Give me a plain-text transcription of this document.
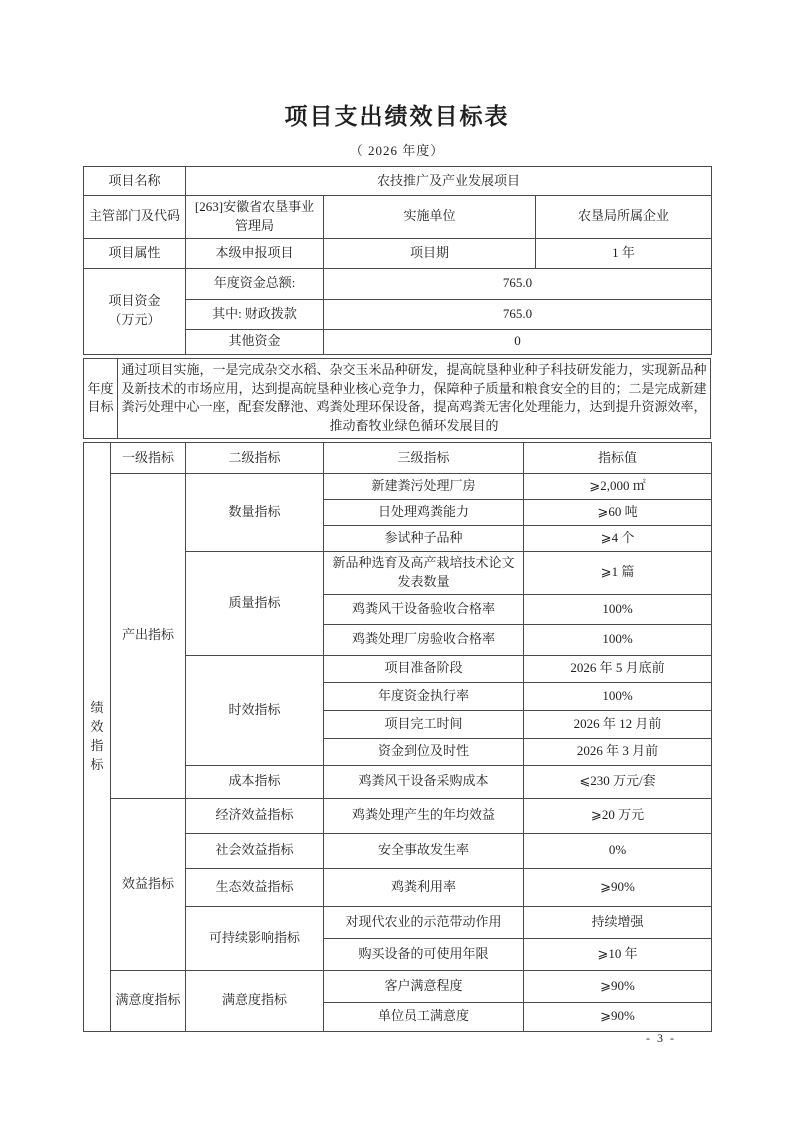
项目支出绩效目标表
（ 2026 年度）
项目名称	农技推广及产业发展项目		
主管部门及代码	[263]安徽省农垦事业管理局	实施单位	农垦局所属企业
项目属性	本级申报项目	项目期	1 年
项目资金（万元）	年度资金总额:	765.0	
	其中: 财政拨款	765.0	
	其他资金	0	
年度目标	通过项目实施，一是完成杂交水稻、杂交玉米品种研发，提高皖垦种业种子科技研发能力，实现新品种及新技术的市场应用，达到提高皖垦种业核心竞争力，保障种子质量和粮食安全的目的；二是完成新建粪污处理中心一座，配套发酵池、鸡粪处理环保设备，提高鸡粪无害化处理能力，达到提升资源效率，推动畜牧业绿色循环发展目的
绩效指标	一级指标	二级指标	三级指标	指标值
	产出指标	数量指标	新建粪污处理厂房	⩾2,000 ㎡
			日处理鸡粪能力	⩾60 吨
			参试种子品种	⩾4 个
		质量指标	新品种选育及高产栽培技术论文发表数量	⩾1 篇
			鸡粪风干设备验收合格率	100%
			鸡粪处理厂房验收合格率	100%
		时效指标	项目准备阶段	2026 年 5 月底前
			年度资金执行率	100%
			项目完工时间	2026 年 12 月前
			资金到位及时性	2026 年 3 月前
		成本指标	鸡粪风干设备采购成本	⩽230 万元/套
	效益指标	经济效益指标	鸡粪处理产生的年均效益	⩾20 万元
		社会效益指标	安全事故发生率	0%
		生态效益指标	鸡粪利用率	⩾90%
		可持续影响指标	对现代农业的示范带动作用	持续增强
			购买设备的可使用年限	⩾10 年
	满意度指标	满意度指标	客户满意程度	⩾90%
			单位员工满意度	⩾90%
- 3 -
